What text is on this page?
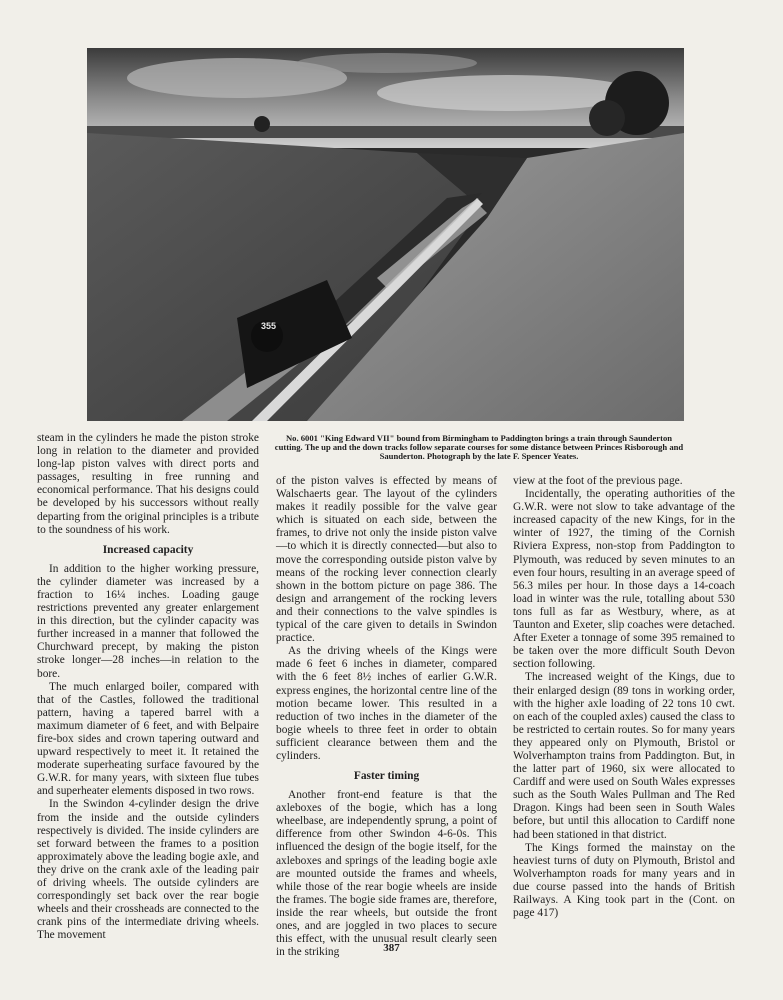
355
No. 6001 "King Edward VII" bound from Birmingham to Paddington brings a train through Saunderton cutting. The up and the down tracks follow separate courses for some distance between Princes Risborough and Saunderton. Photograph by the late F. Spencer Yeates.

steam in the cylinders he made the piston stroke long in relation to the diameter and provided long-lap piston valves with direct ports and passages, resulting in free running and economical performance. That his designs could be developed by his successors without really departing from the original principles is a tribute to the soundness of his work.

Increased capacity

In addition to the higher working pressure, the cylinder diameter was increased by a fraction to 16¼ inches. Loading gauge restrictions prevented any greater enlargement in this direction, but the cylinder capacity was further increased in a manner that followed the Churchward precept, by making the piston stroke longer—28 inches—in relation to the bore.

The much enlarged boiler, compared with that of the Castles, followed the traditional pattern, having a tapered barrel with a maximum diameter of 6 feet, and with Belpaire fire-box sides and crown tapering outward and upward respectively to meet it. It retained the moderate superheating surface favoured by the G.W.R. for many years, with sixteen flue tubes and superheater elements disposed in two rows.

In the Swindon 4-cylinder design the drive from the inside and the outside cylinders respectively is divided. The inside cylinders are set forward between the frames to a position approximately above the leading bogie axle, and they drive on the crank axle of the leading pair of driving wheels. The outside cylinders are correspondingly set back over the rear bogie wheels and their crossheads are connected to the crank pins of the intermediate driving wheels. The movement

of the piston valves is effected by means of Walschaerts gear. The layout of the cylinders makes it readily possible for the valve gear which is situated on each side, between the frames, to drive not only the inside piston valve—to which it is directly connected—but also to move the corresponding outside piston valve by means of the rocking lever connection clearly shown in the bottom picture on page 386. The design and arrangement of the rocking levers and their connections to the valve spindles is typical of the care given to details in Swindon practice.

As the driving wheels of the Kings were made 6 feet 6 inches in diameter, compared with the 6 feet 8½ inches of earlier G.W.R. express engines, the horizontal centre line of the motion became lower. This resulted in a reduction of two inches in the diameter of the bogie wheels to three feet in order to obtain sufficient clearance between them and the cylinders.

Faster timing

Another front-end feature is that the axleboxes of the bogie, which has a long wheelbase, are independently sprung, a point of difference from other Swindon 4-6-0s. This influenced the design of the bogie itself, for the axleboxes and springs of the leading bogie axle are mounted outside the frames and wheels, while those of the rear bogie wheels are inside the frames. The bogie side frames are, therefore, inside the rear wheels, but outside the front ones, and are joggled in two places to secure this effect, with the unusual result clearly seen in the striking

view at the foot of the previous page.

Incidentally, the operating authorities of the G.W.R. were not slow to take advantage of the increased capacity of the new Kings, for in the winter of 1927, the timing of the Cornish Riviera Express, non-stop from Paddington to Plymouth, was reduced by seven minutes to an even four hours, resulting in an average speed of 56.3 miles per hour. In those days a 14-coach load in winter was the rule, totalling about 530 tons full as far as Westbury, where, as at Taunton and Exeter, slip coaches were detached. After Exeter a tonnage of some 395 remained to be taken over the more difficult South Devon section following.

The increased weight of the Kings, due to their enlarged design (89 tons in working order, with the higher axle loading of 22 tons 10 cwt. on each of the coupled axles) caused the class to be restricted to certain routes. So for many years they appeared only on Plymouth, Bristol or Wolverhampton trains from Paddington. But, in the latter part of 1960, six were allocated to Cardiff and were used on South Wales expresses such as the South Wales Pullman and The Red Dragon. Kings had been seen in South Wales before, but until this allocation to Cardiff none had been stationed in that district.

The Kings formed the mainstay on the heaviest turns of duty on Plymouth, Bristol and Wolverhampton roads for many years and in due course passed into the hands of British Railways. A King took part in the (Cont. on page 417)

387
